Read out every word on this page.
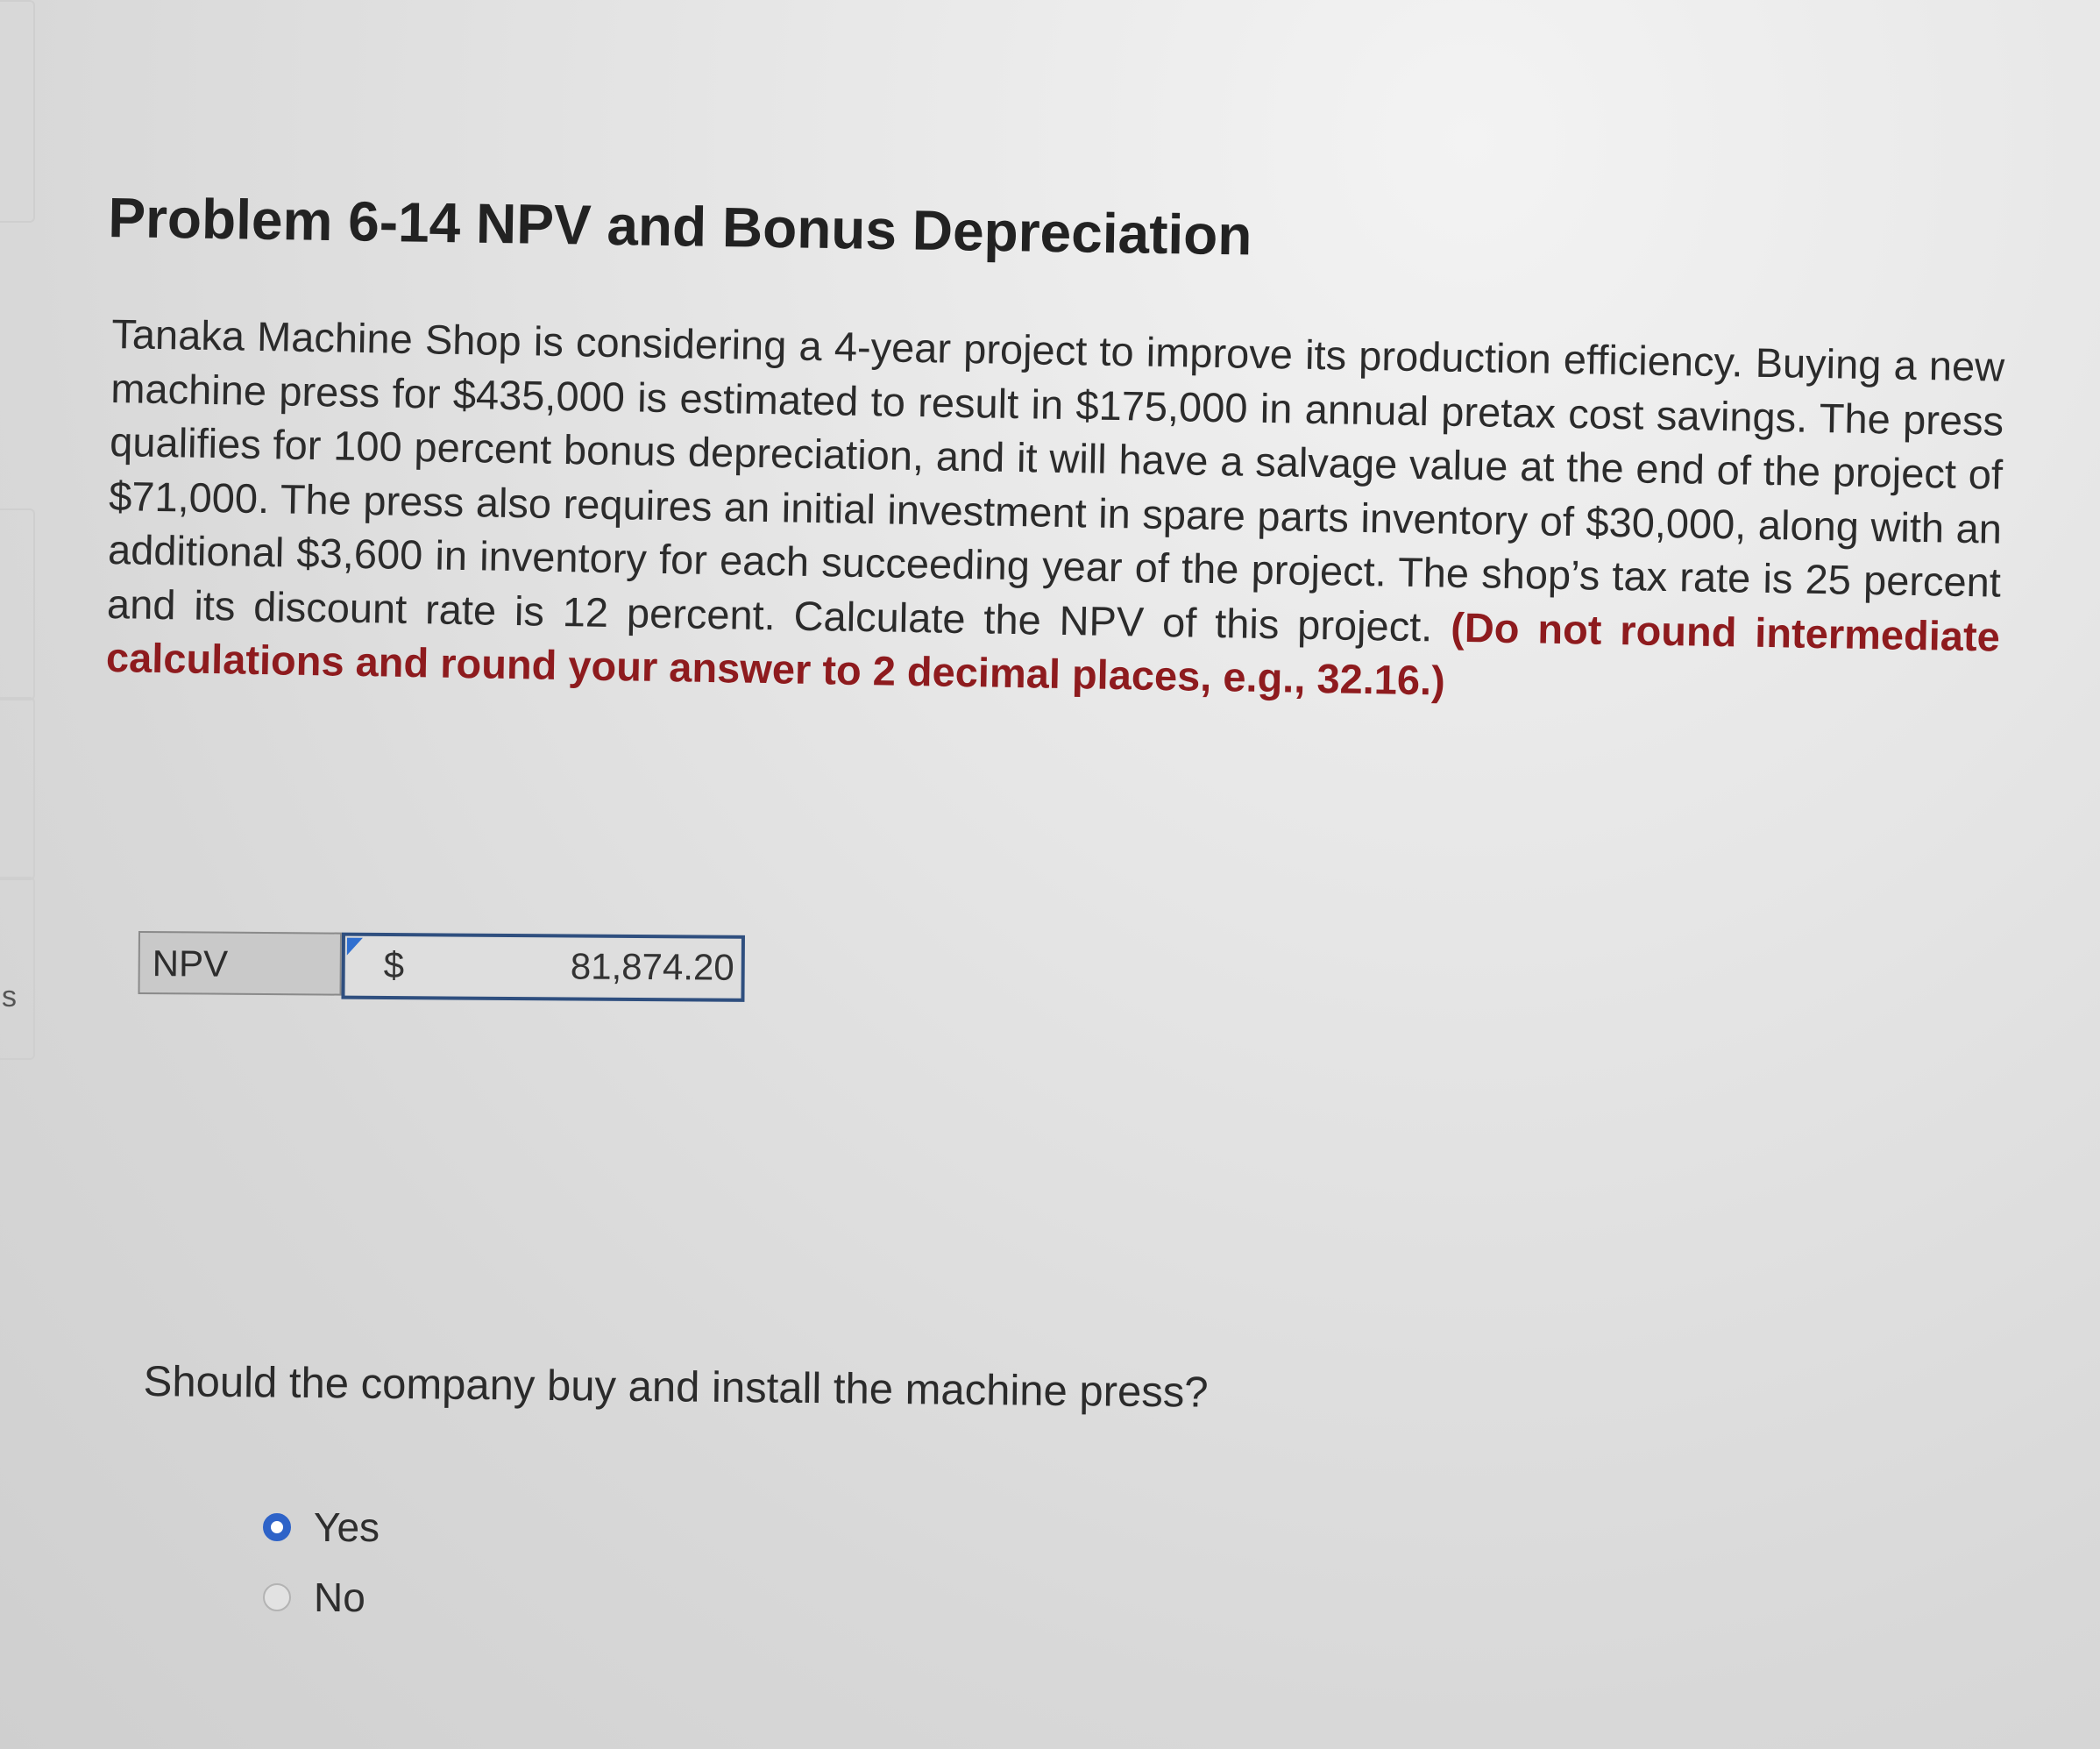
s
Problem 6-14 NPV and Bonus Depreciation
Tanaka Machine Shop is considering a 4-year project to improve its production efficiency. Buying a new machine press for $435,000 is estimated to result in $175,000 in annual pretax cost savings. The press qualifies for 100 percent bonus depreciation, and it will have a salvage value at the end of the project of $71,000. The press also requires an initial investment in spare parts inventory of $30,000, along with an additional $3,600 in inventory for each succeeding year of the project. The shop’s tax rate is 25 percent and its discount rate is 12 percent. Calculate the NPV of this project. (Do not round intermediate calculations and round your answer to 2 decimal places, e.g., 32.16.)
NPV	$	81,874.20
Should the company buy and install the machine press?
Yes
No
